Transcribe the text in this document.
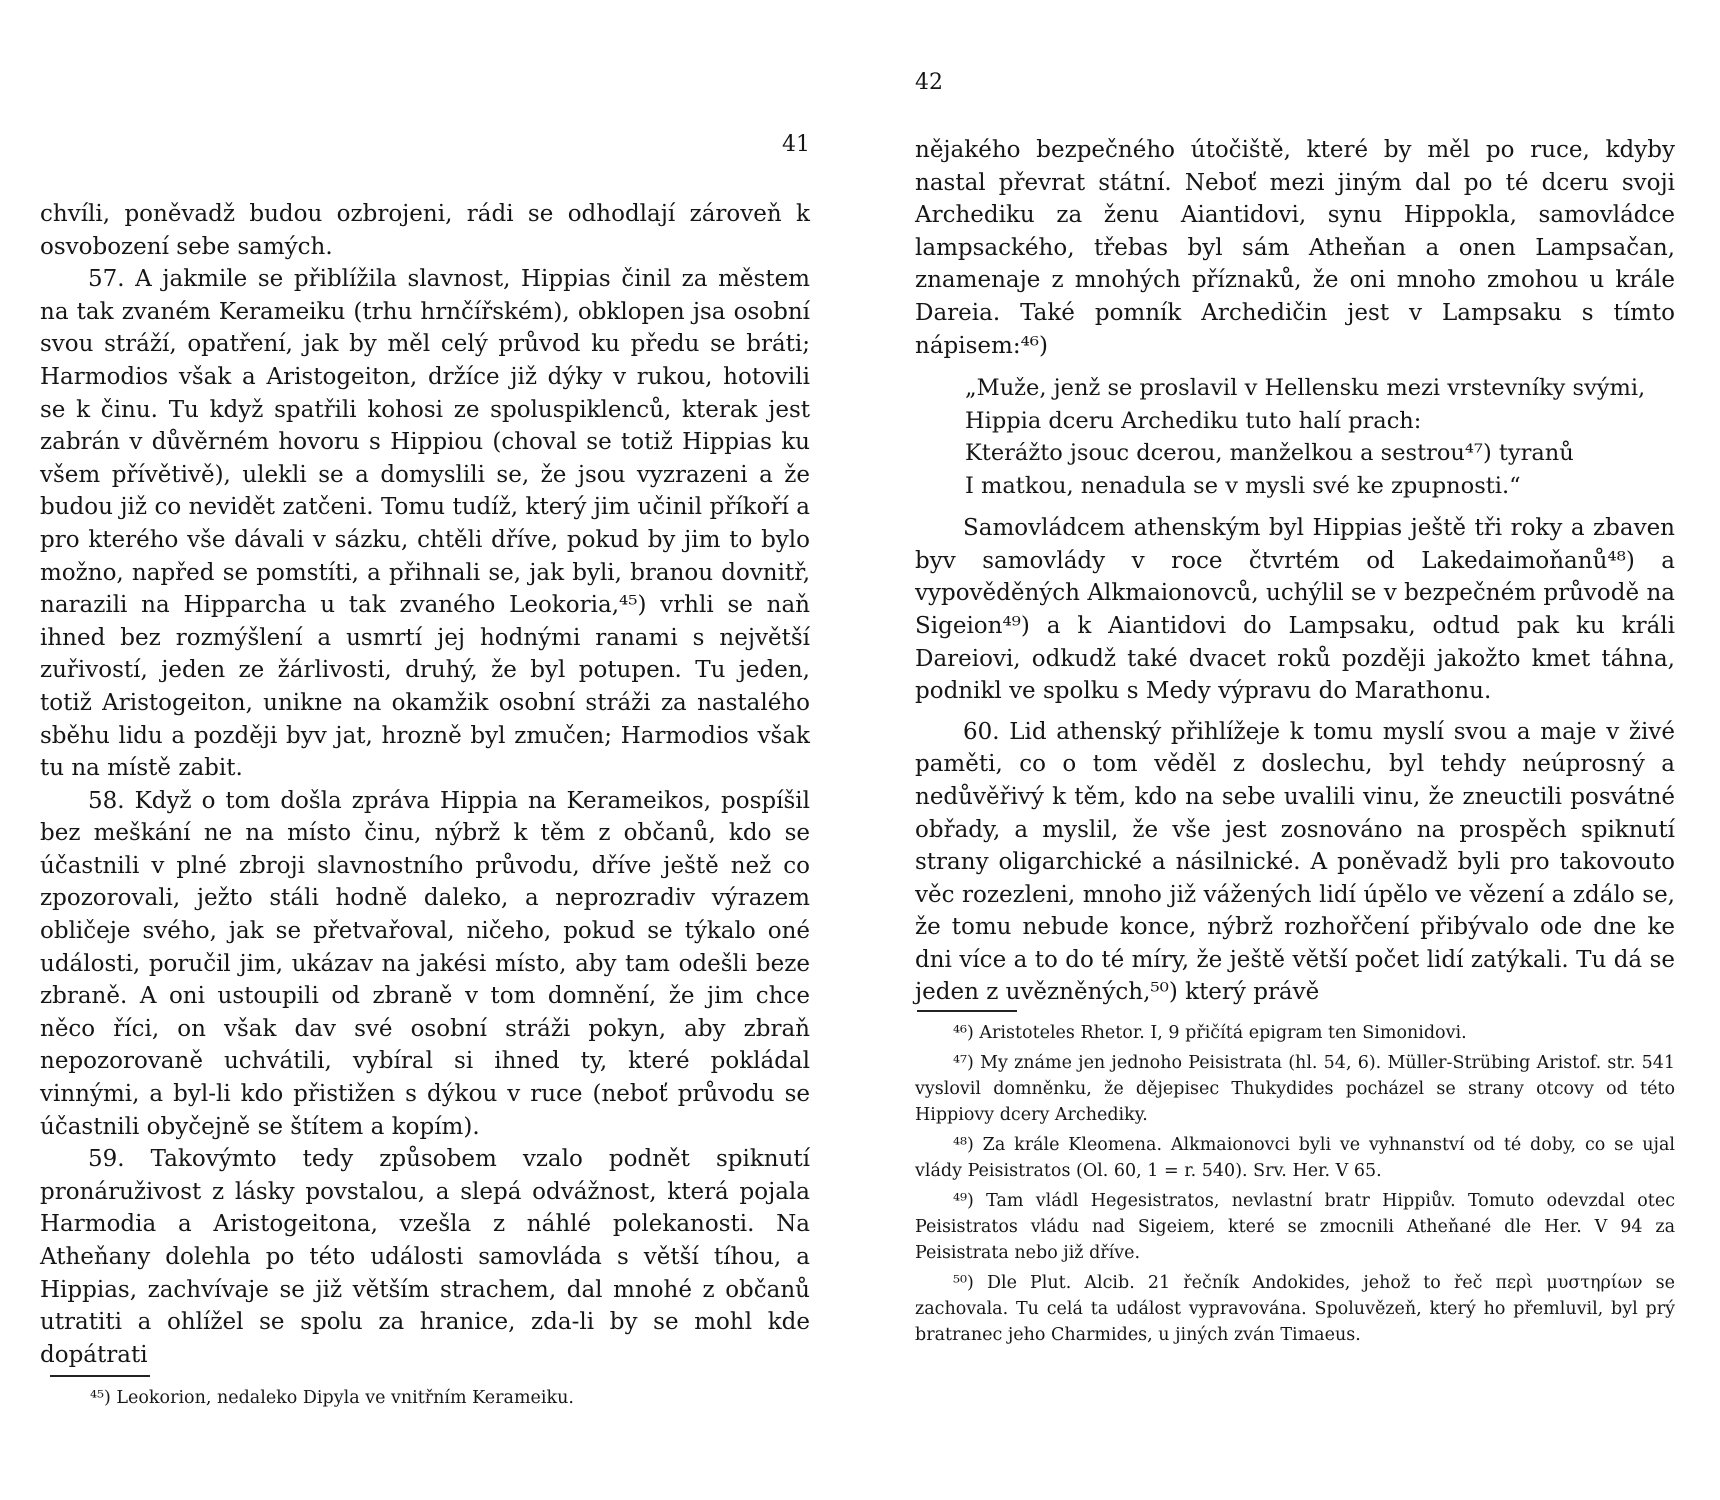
41

chvíli, poněvadž budou ozbrojeni, rádi se odhodlají zároveň k osvobození sebe samých.

57. A jakmile se přiblížila slavnost, Hippias činil za městem na tak zvaném Kerameiku (trhu hrnčířském), obklopen jsa osobní svou stráží, opatření, jak by měl celý průvod ku předu se bráti; Harmodios však a Aristogeiton, držíce již dýky v rukou, hotovili se k činu. Tu když spatřili kohosi ze spoluspiklenců, kterak jest zabrán v důvěrném hovoru s Hippiou (choval se totiž Hippias ku všem přívětivě), ulekli se a domyslili se, že jsou vyzrazeni a že budou již co nevidět zatčeni. Tomu tudíž, který jim učinil příkoří a pro kterého vše dávali v sázku, chtěli dříve, pokud by jim to bylo možno, napřed se pomstíti, a přihnali se, jak byli, branou dovnitř, narazili na Hipparcha u tak zvaného Leokoria,⁴⁵) vrhli se naň ihned bez rozmýšlení a usmrtí jej hodnými ranami s největší zuřivostí, jeden ze žárlivosti, druhý, že byl potupen. Tu jeden, totiž Aristogeiton, unikne na okamžik osobní stráži za nastalého sběhu lidu a později byv jat, hrozně byl zmučen; Harmodios však tu na místě zabit.

58. Když o tom došla zpráva Hippia na Kerameikos, pospíšil bez meškání ne na místo činu, nýbrž k těm z občanů, kdo se účastnili v plné zbroji slavnostního průvodu, dříve ještě než co zpozorovali, ježto stáli hodně daleko, a neprozradiv výrazem obličeje svého, jak se přetvařoval, ničeho, pokud se týkalo oné události, poručil jim, ukázav na jakési místo, aby tam odešli beze zbraně. A oni ustoupili od zbraně v tom domnění, že jim chce něco říci, on však dav své osobní stráži pokyn, aby zbraň nepozorovaně uchvátili, vybíral si ihned ty, které pokládal vinnými, a byl-li kdo přistižen s dýkou v ruce (neboť průvodu se účastnili obyčejně se štítem a kopím).

59. Takovýmto tedy způsobem vzalo podnět spiknutí pronáruživost z lásky povstalou, a slepá odvážnost, která pojala Harmodia a Aristogeitona, vzešla z náhlé polekanosti. Na Atheňany dolehla po této události samovláda s větší tíhou, a Hippias, zachvívaje se již větším strachem, dal mnohé z občanů utratiti a ohlížel se spolu za hranice, zda-li by se mohl kde dopátrati

⁴⁵) Leokorion, nedaleko Dipyla ve vnitřním Kerameiku.

42

nějakého bezpečného útočiště, které by měl po ruce, kdyby nastal převrat státní. Neboť mezi jiným dal po té dceru svoji Archediku za ženu Aiantidovi, synu Hippokla, samovládce lampsackého, třebas byl sám Atheňan a onen Lampsačan, znamenaje z mnohých příznaků, že oni mnoho zmohou u krále Dareia. Také pomník Archedičin jest v Lampsaku s tímto nápisem:⁴⁶)

„Muže, jenž se proslavil v Hellensku mezi vrstevníky svými,
Hippia dceru Archediku tuto halí prach:
Kterážto jsouc dcerou, manželkou a sestrou⁴⁷) tyranů
I matkou, nenadula se v mysli své ke zpupnosti.“

Samovládcem athenským byl Hippias ještě tři roky a zbaven byv samovlády v roce čtvrtém od Lakedaimoňanů⁴⁸) a vypověděných Alkmaionovců, uchýlil se v bezpečném průvodě na Sigeion⁴⁹) a k Aiantidovi do Lampsaku, odtud pak ku králi Dareiovi, odkudž také dvacet roků později jakožto kmet táhna, podnikl ve spolku s Medy výpravu do Marathonu.

60. Lid athenský přihlížeje k tomu myslí svou a maje v živé paměti, co o tom věděl z doslechu, byl tehdy neúprosný a nedůvěřivý k těm, kdo na sebe uvalili vinu, že zneuctili posvátné obřady, a myslil, že vše jest zosnováno na prospěch spiknutí strany oligarchické a násilnické. A poněvadž byli pro takovouto věc rozezleni, mnoho již vážených lidí úpělo ve vězení a zdálo se, že tomu nebude konce, nýbrž rozhořčení přibývalo ode dne ke dni více a to do té míry, že ještě větší počet lidí zatýkali. Tu dá se jeden z uvězněných,⁵⁰) který právě

⁴⁶) Aristoteles Rhetor. I, 9 přičítá epigram ten Simonidovi.

⁴⁷) My známe jen jednoho Peisistrata (hl. 54, 6). Müller-Strübing Aristof. str. 541 vyslovil domněnku, že dějepisec Thukydides pocházel se strany otcovy od této Hippiovy dcery Archediky.

⁴⁸) Za krále Kleomena. Alkmaionovci byli ve vyhnanství od té doby, co se ujal vlády Peisistratos (Ol. 60, 1 = r. 540). Srv. Her. V 65.

⁴⁹) Tam vládl Hegesistratos, nevlastní bratr Hippiův. Tomuto odevzdal otec Peisistratos vládu nad Sigeiem, které se zmocnili Atheňané dle Her. V 94 za Peisistrata nebo již dříve.

⁵⁰) Dle Plut. Alcib. 21 řečník Andokides, jehož to řeč περὶ μυστηρίων se zachovala. Tu celá ta událost vypravována. Spoluvězeň, který ho přemluvil, byl prý bratranec jeho Charmides, u jiných zván Timaeus.
